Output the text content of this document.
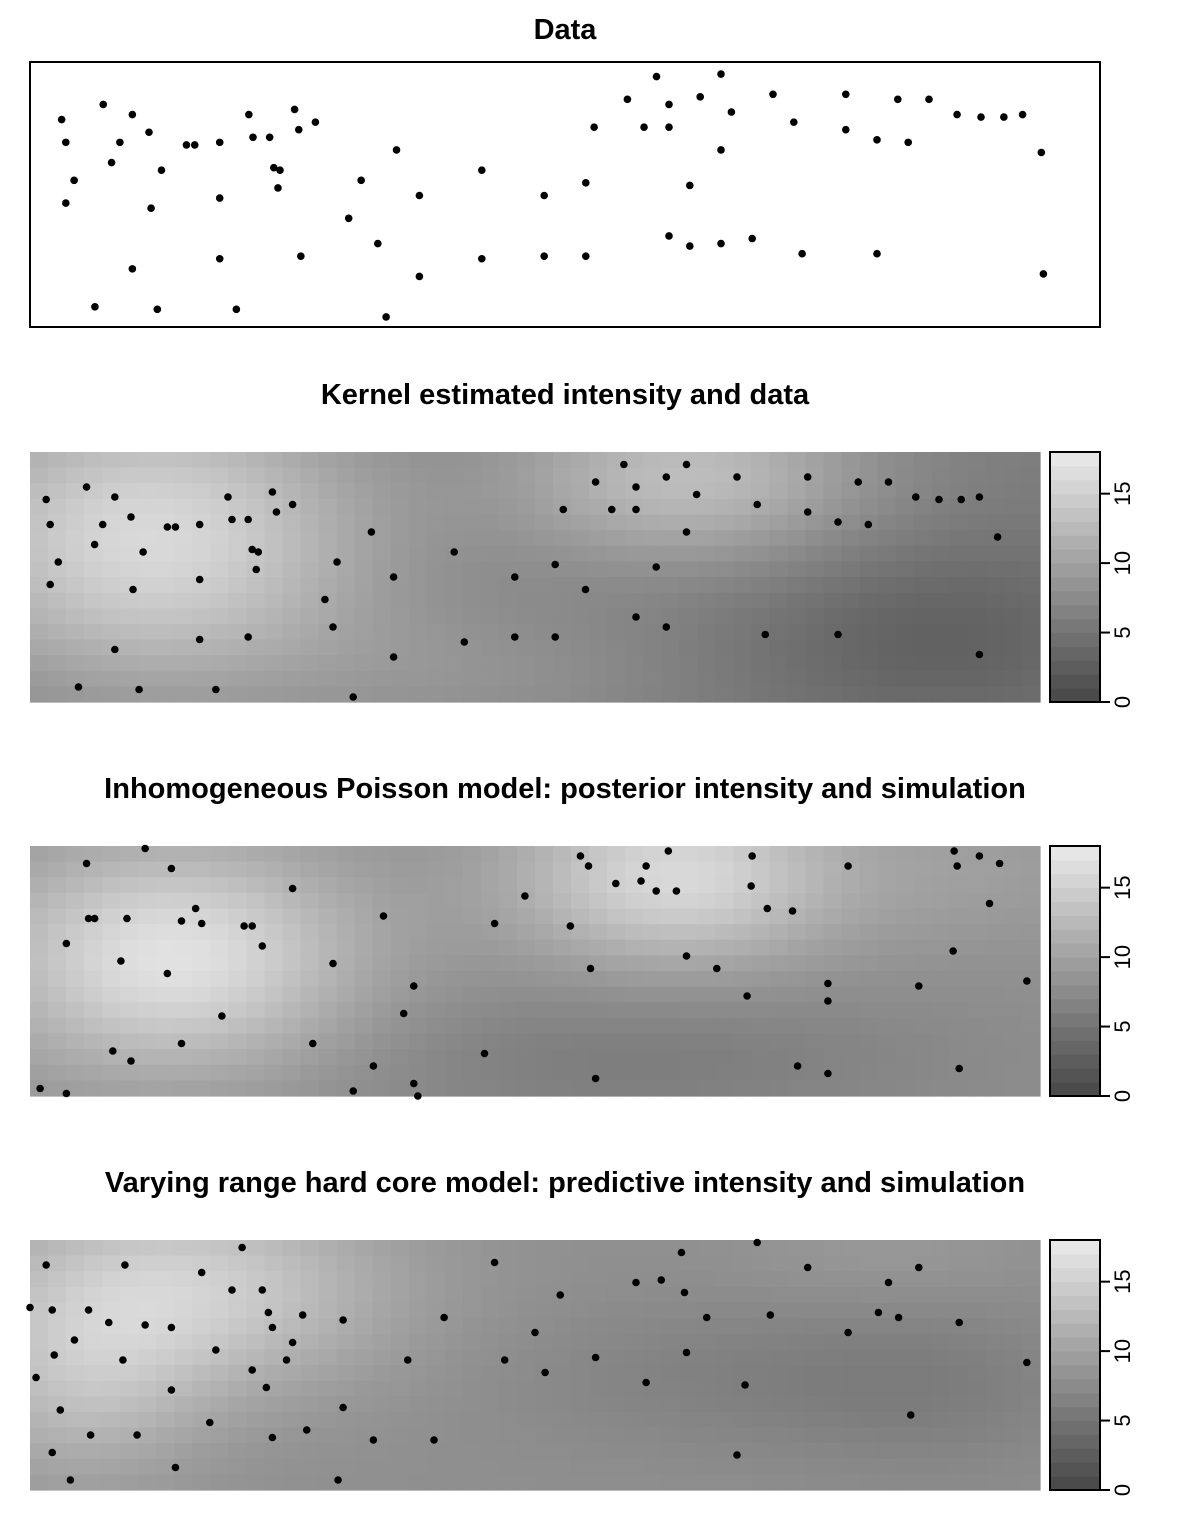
Data
Kernel estimated intensity and data
Inhomogeneous Poisson model: posterior intensity and simulation
Varying range hard core model: predictive intensity and simulation
0
5
10
15
0
5
10
15
0
5
10
15
